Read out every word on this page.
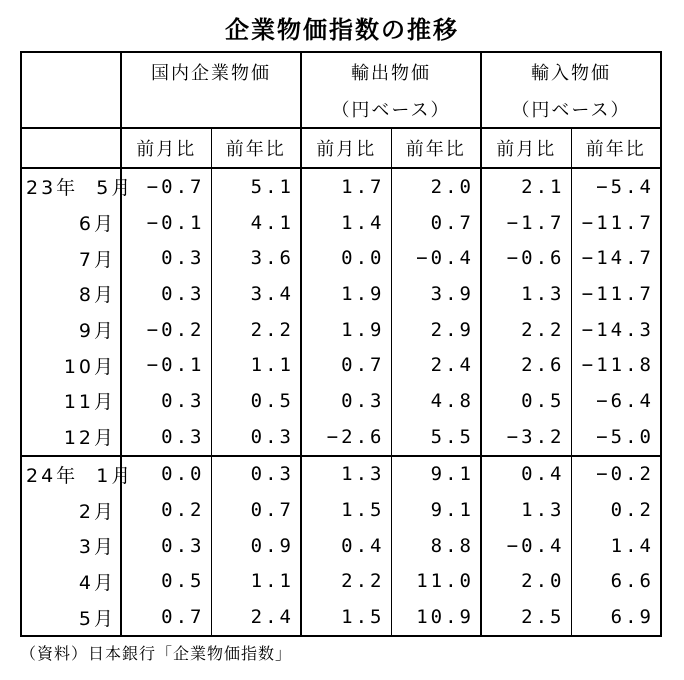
企業物価指数の推移
	国内企業物価		輸出物価		輸入物価	
			（円ベース）		（円ベース）	
	前月比	前年比	前月比	前年比	前月比	前年比
23年  5月	−0.7	5.1	1.7	2.0	2.1	−5.4
6月	−0.1	4.1	1.4	0.7	−1.7	−11.7
7月	0.3	3.6	0.0	−0.4	−0.6	−14.7
8月	0.3	3.4	1.9	3.9	1.3	−11.7
9月	−0.2	2.2	1.9	2.9	2.2	−14.3
10月	−0.1	1.1	0.7	2.4	2.6	−11.8
11月	0.3	0.5	0.3	4.8	0.5	−6.4
12月	0.3	0.3	−2.6	5.5	−3.2	−5.0
24年  1月	0.0	0.3	1.3	9.1	0.4	−0.2
2月	0.2	0.7	1.5	9.1	1.3	0.2
3月	0.3	0.9	0.4	8.8	−0.4	1.4
4月	0.5	1.1	2.2	11.0	2.0	6.6
5月	0.7	2.4	1.5	10.9	2.5	6.9
（資料）日本銀行「企業物価指数」
